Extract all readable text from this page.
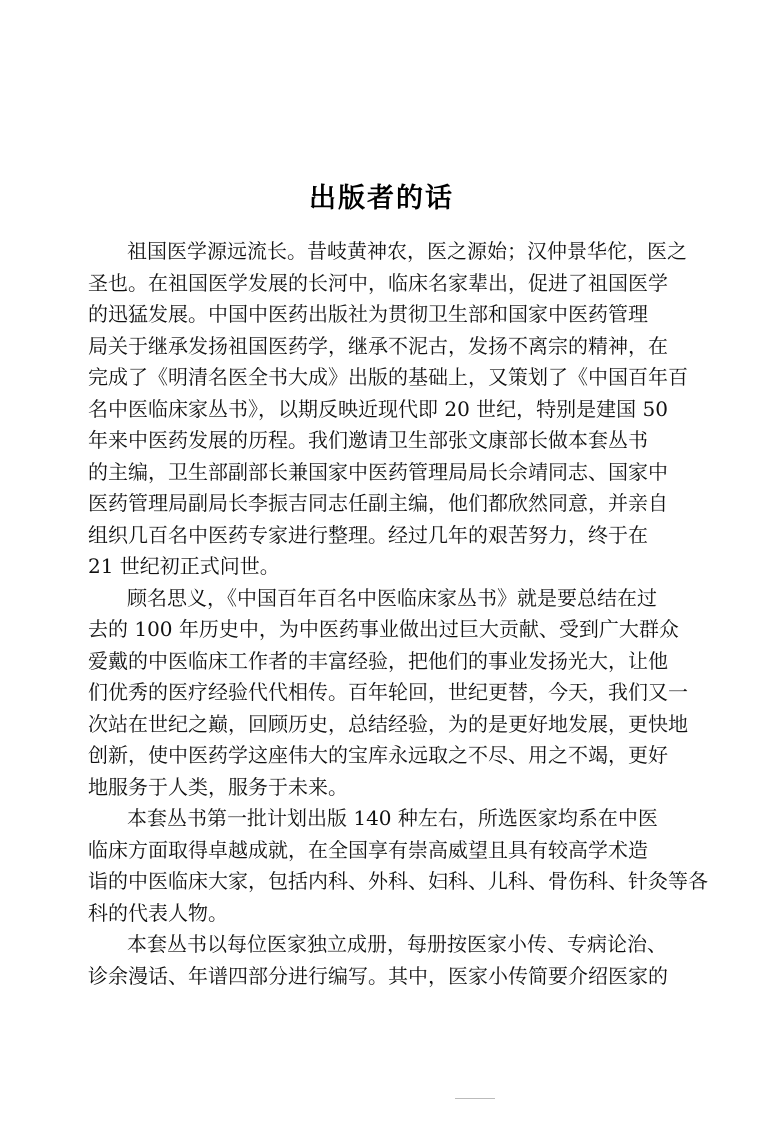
出版者的话
祖国医学源远流长。昔岐黄神农，医之源始；汉仲景华佗，医之
圣也。在祖国医学发展的长河中，临床名家辈出，促进了祖国医学
的迅猛发展。中国中医药出版社为贯彻卫生部和国家中医药管理
局关于继承发扬祖国医药学，继承不泥古，发扬不离宗的精神，在
完成了《明清名医全书大成》出版的基础上，又策划了《中国百年百
名中医临床家丛书》，以期反映近现代即 20 世纪，特别是建国 50
年来中医药发展的历程。我们邀请卫生部张文康部长做本套丛书
的主编，卫生部副部长兼国家中医药管理局局长佘靖同志、国家中
医药管理局副局长李振吉同志任副主编，他们都欣然同意，并亲自
组织几百名中医药专家进行整理。经过几年的艰苦努力，终于在
21 世纪初正式问世。
顾名思义，《中国百年百名中医临床家丛书》就是要总结在过
去的 100 年历史中，为中医药事业做出过巨大贡献、受到广大群众
爱戴的中医临床工作者的丰富经验，把他们的事业发扬光大，让他
们优秀的医疗经验代代相传。百年轮回，世纪更替，今天，我们又一
次站在世纪之巅，回顾历史，总结经验，为的是更好地发展，更快地
创新，使中医药学这座伟大的宝库永远取之不尽、用之不竭，更好
地服务于人类，服务于未来。
本套丛书第一批计划出版 140 种左右，所选医家均系在中医
临床方面取得卓越成就，在全国享有崇高威望且具有较高学术造
诣的中医临床大家，包括内科、外科、妇科、儿科、骨伤科、针灸等各
科的代表人物。
本套丛书以每位医家独立成册，每册按医家小传、专病论治、
诊余漫话、年谱四部分进行编写。其中，医家小传简要介绍医家的
